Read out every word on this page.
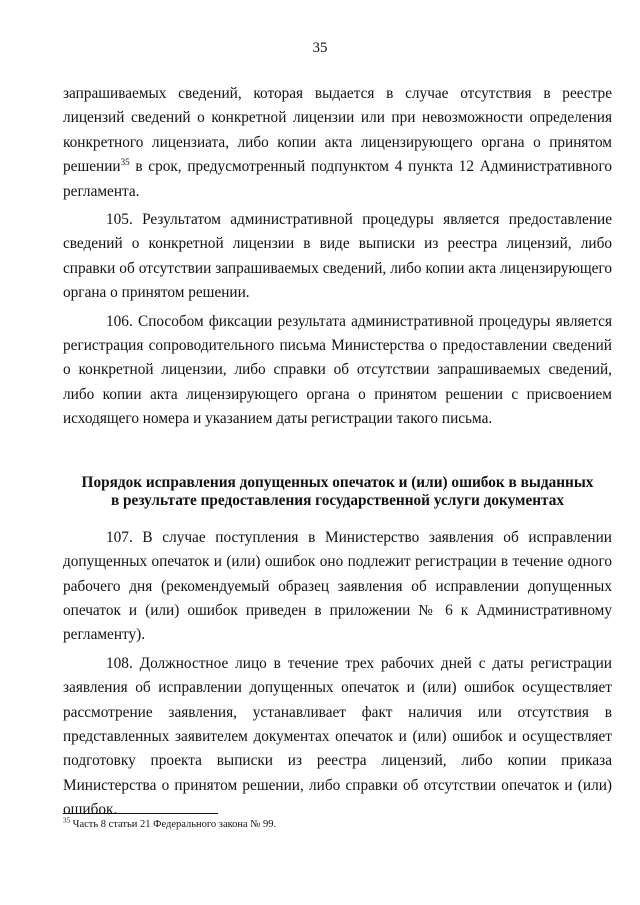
35

запрашиваемых сведений, которая выдается в случае отсутствия в реестре лицензий сведений о конкретной лицензии или при невозможности определения конкретного лицензиата, либо копии акта лицензирующего органа о принятом решении$^{35}$ в срок, предусмотренный подпунктом 4 пункта 12 Административного регламента.

105. Результатом административной процедуры является предоставление сведений о конкретной лицензии в виде выписки из реестра лицензий, либо справки об отсутствии запрашиваемых сведений, либо копии акта лицензирующего органа о принятом решении.

106. Способом фиксации результата административной процедуры является регистрация сопроводительного письма Министерства о предоставлении сведений о конкретной лицензии, либо справки об отсутствии запрашиваемых сведений, либо копии акта лицензирующего органа о принятом решении с присвоением исходящего номера и указанием даты регистрации такого письма.

Порядок исправления допущенных опечаток и (или) ошибок в выданных
в результате предоставления государственной услуги документах

107. В случае поступления в Министерство заявления об исправлении допущенных опечаток и (или) ошибок оно подлежит регистрации в течение одного рабочего дня (рекомендуемый образец заявления об исправлении допущенных опечаток и (или) ошибок приведен в приложении № 6 к Административному регламенту).

108. Должностное лицо в течение трех рабочих дней с даты регистрации заявления об исправлении допущенных опечаток и (или) ошибок осуществляет рассмотрение заявления, устанавливает факт наличия или отсутствия в представленных заявителем документах опечаток и (или) ошибок и осуществляет подготовку проекта выписки из реестра лицензий, либо копии приказа Министерства о принятом решении, либо справки об отсутствии опечаток и (или) ошибок.

$^{35}$ Часть 8 статьи 21 Федерального закона № 99.
